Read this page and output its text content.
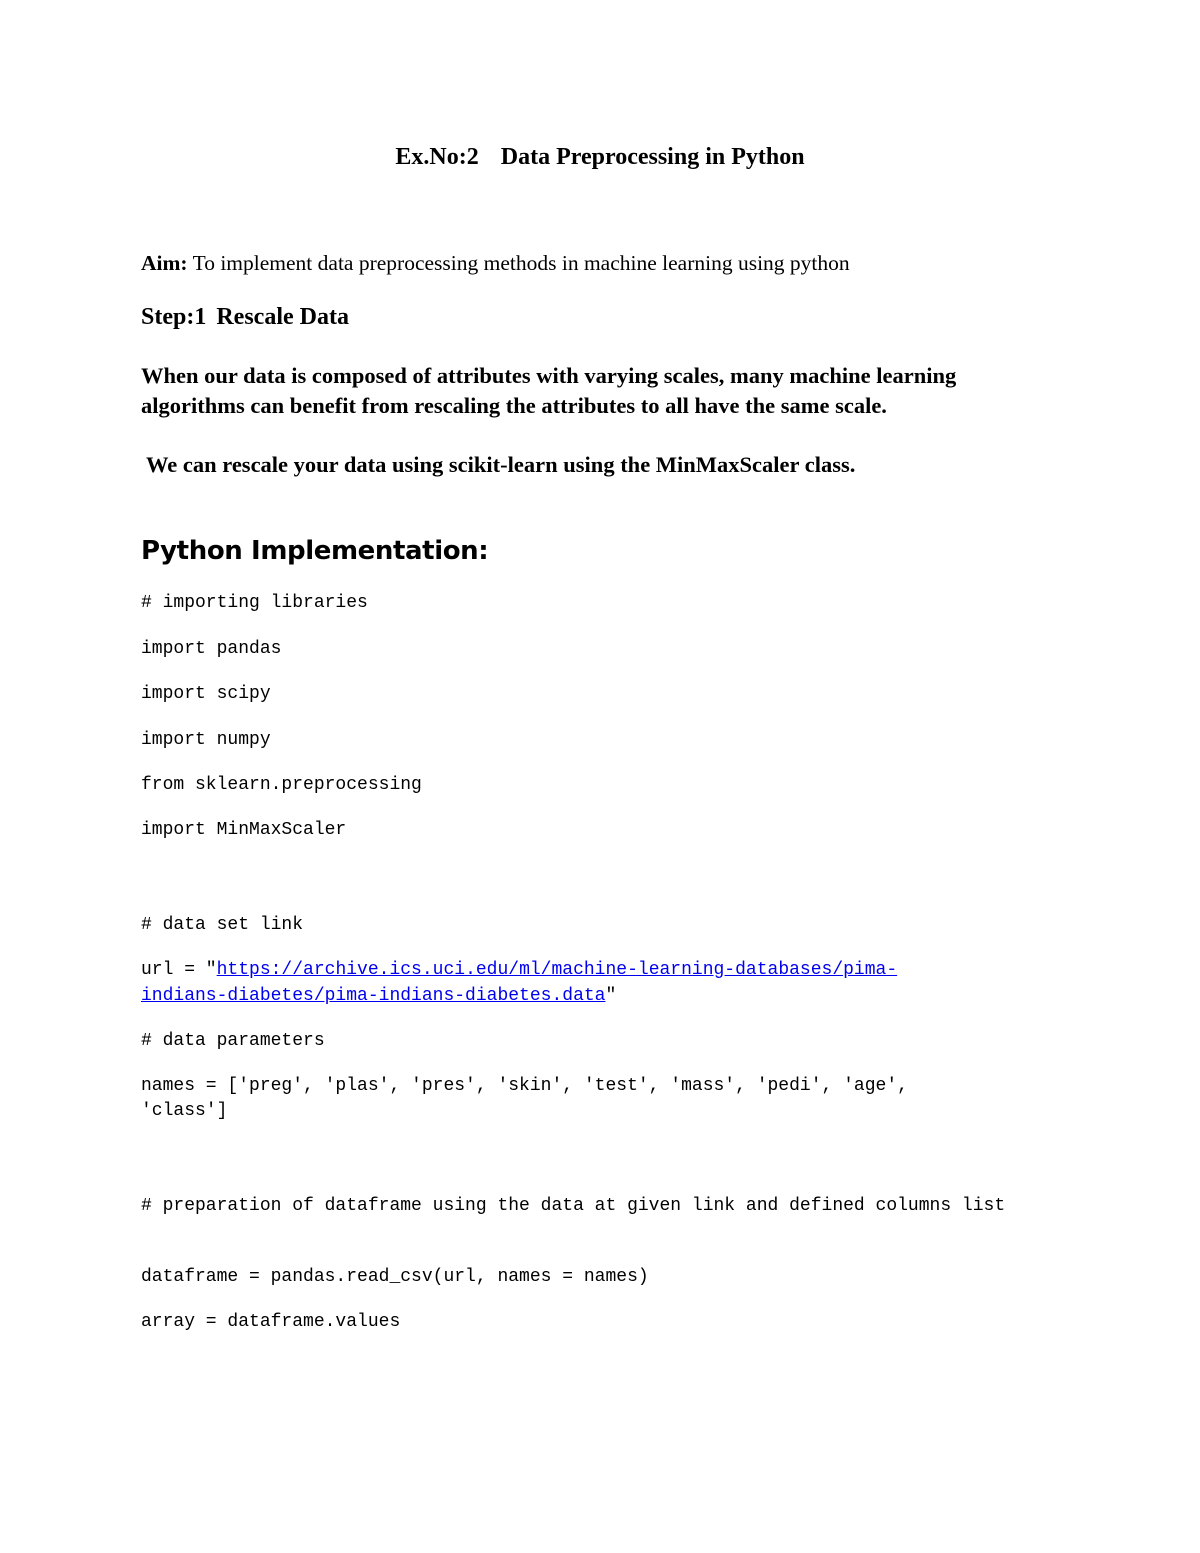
Ex.No:2 Data Preprocessing in Python
Aim: To implement data preprocessing methods in machine learning using python
Step:1 Rescale Data
When our data is composed of attributes with varying scales, many machine learning algorithms can benefit from rescaling the attributes to all have the same scale.
We can rescale your data using scikit-learn using the MinMaxScaler class.
Python Implementation:
# importing libraries
import pandas
import scipy
import numpy
from sklearn.preprocessing
import MinMaxScaler
# data set link
url = "https://archive.ics.uci.edu/ml/machine-learning-databases/pima-
indians-diabetes/pima-indians-diabetes.data"
# data parameters
names = ['preg', 'plas', 'pres', 'skin', 'test', 'mass', 'pedi', 'age',
'class']
# preparation of dataframe using the data at given link and defined columns list
dataframe = pandas.read_csv(url, names = names)
array = dataframe.values
